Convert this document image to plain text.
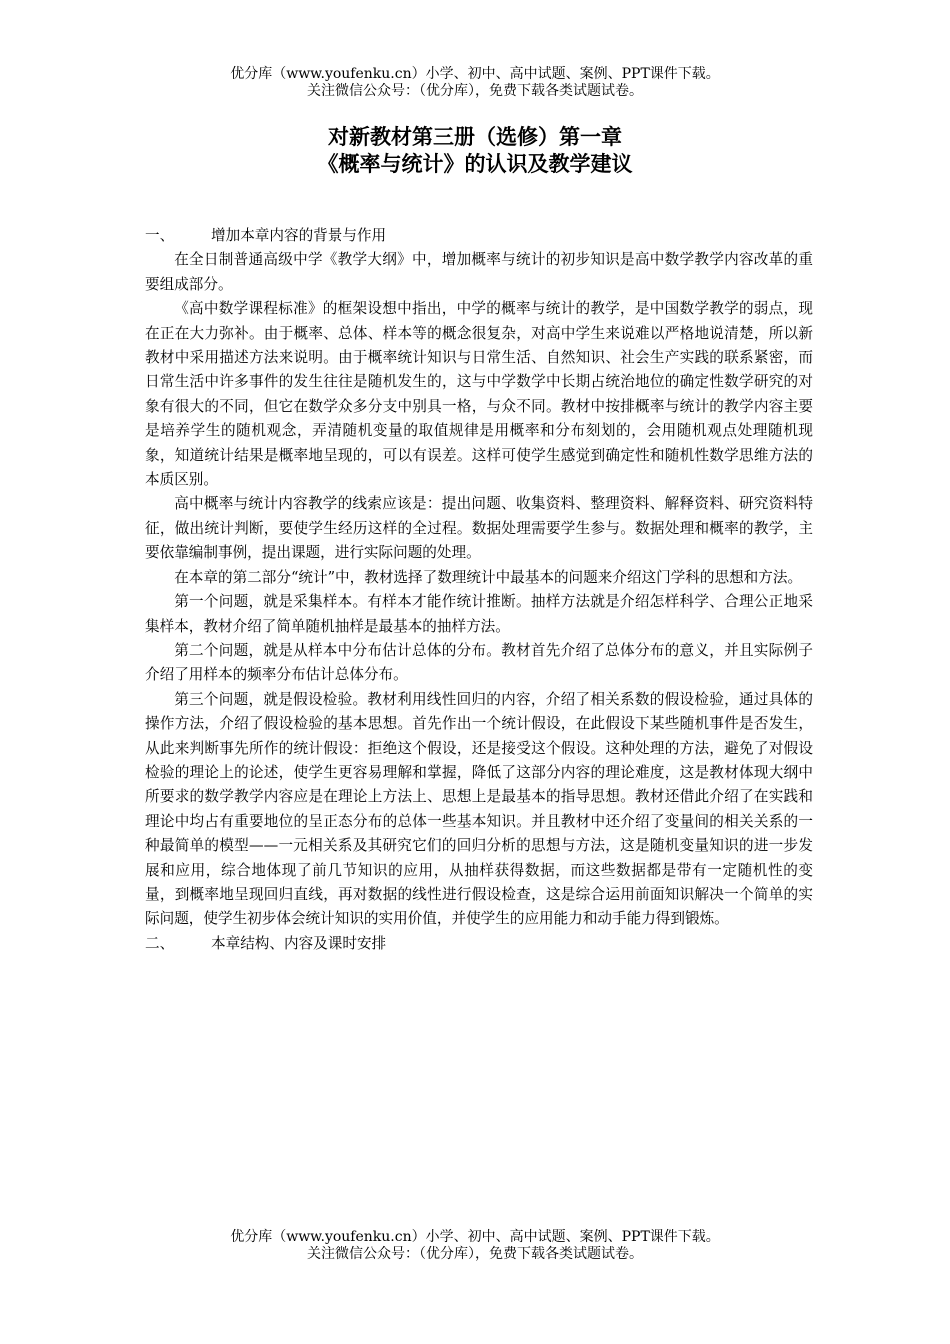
优分库（www.youfenku.cn）小学、初中、高中试题、案例、PPT课件下载。
关注微信公众号：（优分库），免费下载各类试题试卷。
对新教材第三册（选修）第一章
《概率与统计》的认识及教学建议
一、	增加本章内容的背景与作用

在全日制普通高级中学《教学大纲》中，增加概率与统计的初步知识是高中数学教学内容改革的重要组成部分。

《高中数学课程标准》的框架设想中指出，中学的概率与统计的教学，是中国数学教学的弱点，现在正在大力弥补。由于概率、总体、样本等的概念很复杂，对高中学生来说难以严格地说清楚，所以新教材中采用描述方法来说明。由于概率统计知识与日常生活、自然知识、社会生产实践的联系紧密，而日常生活中许多事件的发生往往是随机发生的，这与中学数学中长期占统治地位的确定性数学研究的对象有很大的不同，但它在数学众多分支中别具一格，与众不同。教材中按排概率与统计的教学内容主要是培养学生的随机观念，弄清随机变量的取值规律是用概率和分布刻划的，会用随机观点处理随机现象，知道统计结果是概率地呈现的，可以有误差。这样可使学生感觉到确定性和随机性数学思维方法的本质区别。

高中概率与统计内容教学的线索应该是：提出问题、收集资料、整理资料、解释资料、研究资料特征，做出统计判断，要使学生经历这样的全过程。数据处理需要学生参与。数据处理和概率的教学，主要依靠编制事例，提出课题，进行实际问题的处理。

在本章的第二部分“统计”中，教材选择了数理统计中最基本的问题来介绍这门学科的思想和方法。

第一个问题，就是采集样本。有样本才能作统计推断。抽样方法就是介绍怎样科学、合理公正地采集样本，教材介绍了简单随机抽样是最基本的抽样方法。

第二个问题，就是从样本中分布估计总体的分布。教材首先介绍了总体分布的意义，并且实际例子介绍了用样本的频率分布估计总体分布。

第三个问题，就是假设检验。教材利用线性回归的内容，介绍了相关系数的假设检验，通过具体的操作方法，介绍了假设检验的基本思想。首先作出一个统计假设，在此假设下某些随机事件是否发生，从此来判断事先所作的统计假设：拒绝这个假设，还是接受这个假设。这种处理的方法，避免了对假设检验的理论上的论述，使学生更容易理解和掌握，降低了这部分内容的理论难度，这是教材体现大纲中所要求的数学教学内容应是在理论上方法上、思想上是最基本的指导思想。教材还借此介绍了在实践和理论中均占有重要地位的呈正态分布的总体一些基本知识。并且教材中还介绍了变量间的相关关系的一种最简单的模型——一元相关系及其研究它们的回归分析的思想与方法，这是随机变量知识的进一步发展和应用，综合地体现了前几节知识的应用，从抽样获得数据，而这些数据都是带有一定随机性的变量，到概率地呈现回归直线，再对数据的线性进行假设检查，这是综合运用前面知识解决一个简单的实际问题，使学生初步体会统计知识的实用价值，并使学生的应用能力和动手能力得到锻炼。

二、	本章结构、内容及课时安排
优分库（www.youfenku.cn）小学、初中、高中试题、案例、PPT课件下载。
关注微信公众号：（优分库），免费下载各类试题试卷。
